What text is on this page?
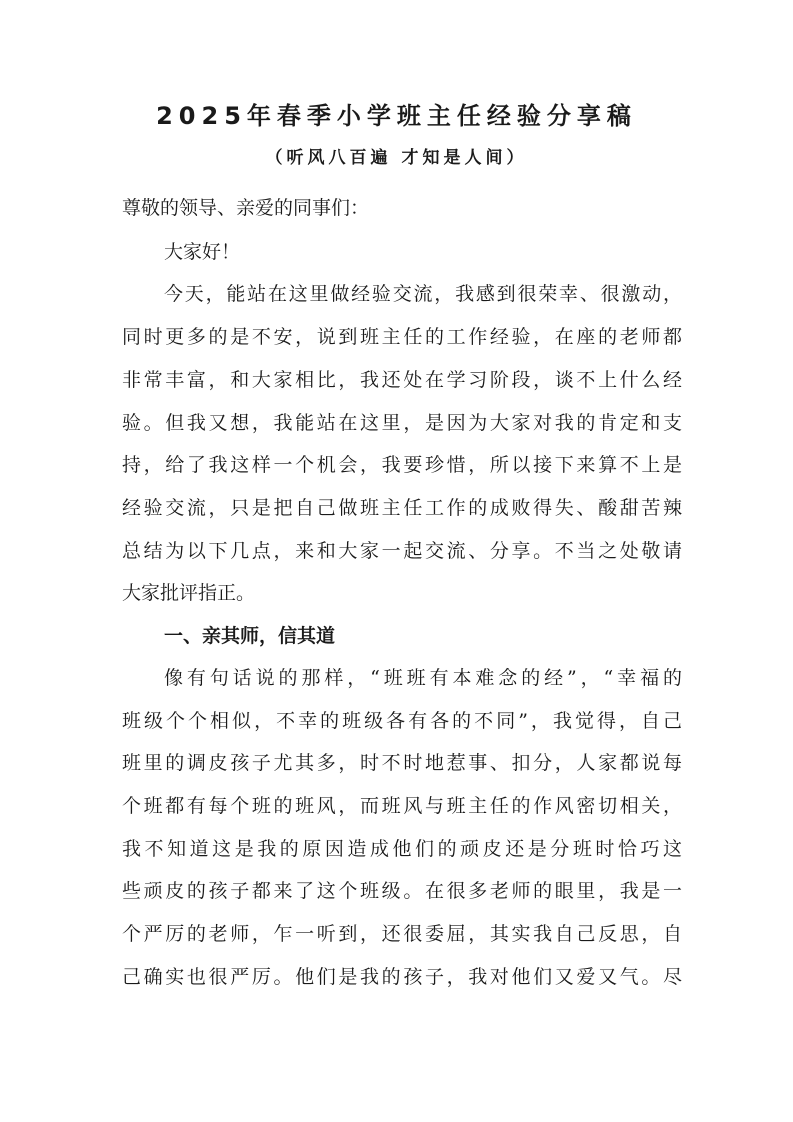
2025年春季小学班主任经验分享稿
（听风八百遍 才知是人间）
尊敬的领导、亲爱的同事们：
大家好！
今天，能站在这里做经验交流，我感到很荣幸、很激动，
同时更多的是不安，说到班主任的工作经验，在座的老师都
非常丰富，和大家相比，我还处在学习阶段，谈不上什么经
验。但我又想，我能站在这里，是因为大家对我的肯定和支
持，给了我这样一个机会，我要珍惜，所以接下来算不上是
经验交流，只是把自己做班主任工作的成败得失、酸甜苦辣
总结为以下几点，来和大家一起交流、分享。不当之处敬请
大家批评指正。
一、亲其师，信其道
像有句话说的那样，“班班有本难念的经”，“幸福的
班级个个相似，不幸的班级各有各的不同”，我觉得，自己
班里的调皮孩子尤其多，时不时地惹事、扣分，人家都说每
个班都有每个班的班风，而班风与班主任的作风密切相关，
我不知道这是我的原因造成他们的顽皮还是分班时恰巧这
些顽皮的孩子都来了这个班级。在很多老师的眼里，我是一
个严厉的老师，乍一听到，还很委屈，其实我自己反思，自
己确实也很严厉。他们是我的孩子，我对他们又爱又气。尽
